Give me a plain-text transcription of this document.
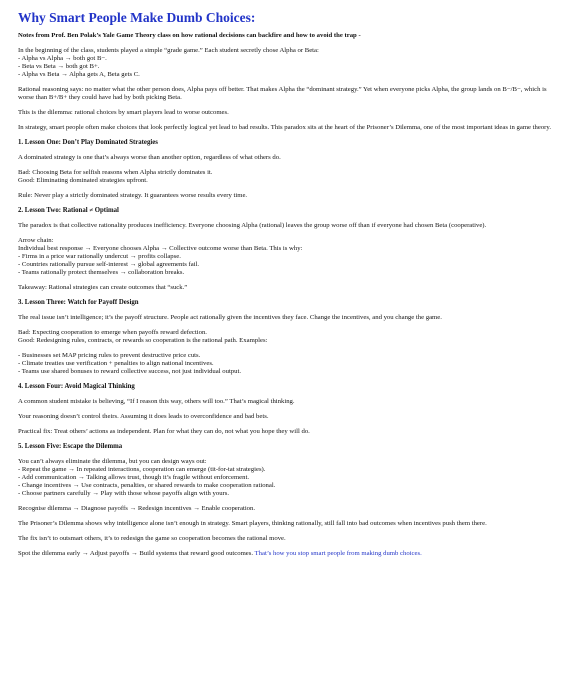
Why Smart People Make Dumb Choices:
Notes from Prof. Ben Polak’s Yale Game Theory class on how rational decisions can backfire and how to avoid the trap -
In the beginning of the class, students played a simple “grade game.” Each student secretly chose Alpha or Beta:
- Alpha vs Alpha → both got B−.
- Beta vs Beta → both got B+.
- Alpha vs Beta → Alpha gets A, Beta gets C.
Rational reasoning says: no matter what the other person does, Alpha pays off better. That makes Alpha the “dominant strategy.” Yet when everyone picks Alpha, the group lands on B−/B−, which is worse than B+/B+ they could have had by both picking Beta.
This is the dilemma: rational choices by smart players lead to worse outcomes.
In strategy, smart people often make choices that look perfectly logical yet lead to bad results. This paradox sits at the heart of the Prisoner’s Dilemma, one of the most important ideas in game theory.
1. Lesson One: Don’t Play Dominated Strategies
A dominated strategy is one that’s always worse than another option, regardless of what others do.
Bad: Choosing Beta for selfish reasons when Alpha strictly dominates it.
Good: Eliminating dominated strategies upfront.
Rule: Never play a strictly dominated strategy. It guarantees worse results every time.
2. Lesson Two: Rational ≠ Optimal
The paradox is that collective rationality produces inefficiency. Everyone choosing Alpha (rational) leaves the group worse off than if everyone had chosen Beta (cooperative).
Arrow chain:
Individual best response → Everyone chooses Alpha → Collective outcome worse than Beta. This is why:
- Firms in a price war rationally undercut → profits collapse.
- Countries rationally pursue self-interest → global agreements fail.
- Teams rationally protect themselves → collaboration breaks.
Takeaway: Rational strategies can create outcomes that “suck.”
3. Lesson Three: Watch for Payoff Design
The real issue isn’t intelligence; it’s the payoff structure. People act rationally given the incentives they face. Change the incentives, and you change the game.
Bad: Expecting cooperation to emerge when payoffs reward defection.
Good: Redesigning rules, contracts, or rewards so cooperation is the rational path. Examples:
- Businesses set MAP pricing rules to prevent destructive price cuts.
- Climate treaties use verification + penalties to align national incentives.
- Teams use shared bonuses to reward collective success, not just individual output.
4. Lesson Four: Avoid Magical Thinking
A common student mistake is believing, “If I reason this way, others will too.” That’s magical thinking.
Your reasoning doesn’t control theirs. Assuming it does leads to overconfidence and bad bets.
Practical fix: Treat others’ actions as independent. Plan for what they can do, not what you hope they will do.
5. Lesson Five: Escape the Dilemma
You can’t always eliminate the dilemma, but you can design ways out:
- Repeat the game → In repeated interactions, cooperation can emerge (tit-for-tat strategies).
- Add communication → Talking allows trust, though it’s fragile without enforcement.
- Change incentives → Use contracts, penalties, or shared rewards to make cooperation rational.
- Choose partners carefully → Play with those whose payoffs align with yours.
Recognise dilemma → Diagnose payoffs → Redesign incentives → Enable cooperation.
The Prisoner’s Dilemma shows why intelligence alone isn’t enough in strategy. Smart players, thinking rationally, still fall into bad outcomes when incentives push them there.
The fix isn’t to outsmart others, it’s to redesign the game so cooperation becomes the rational move.
Spot the dilemma early → Adjust payoffs → Build systems that reward good outcomes. That’s how you stop smart people from making dumb choices.
